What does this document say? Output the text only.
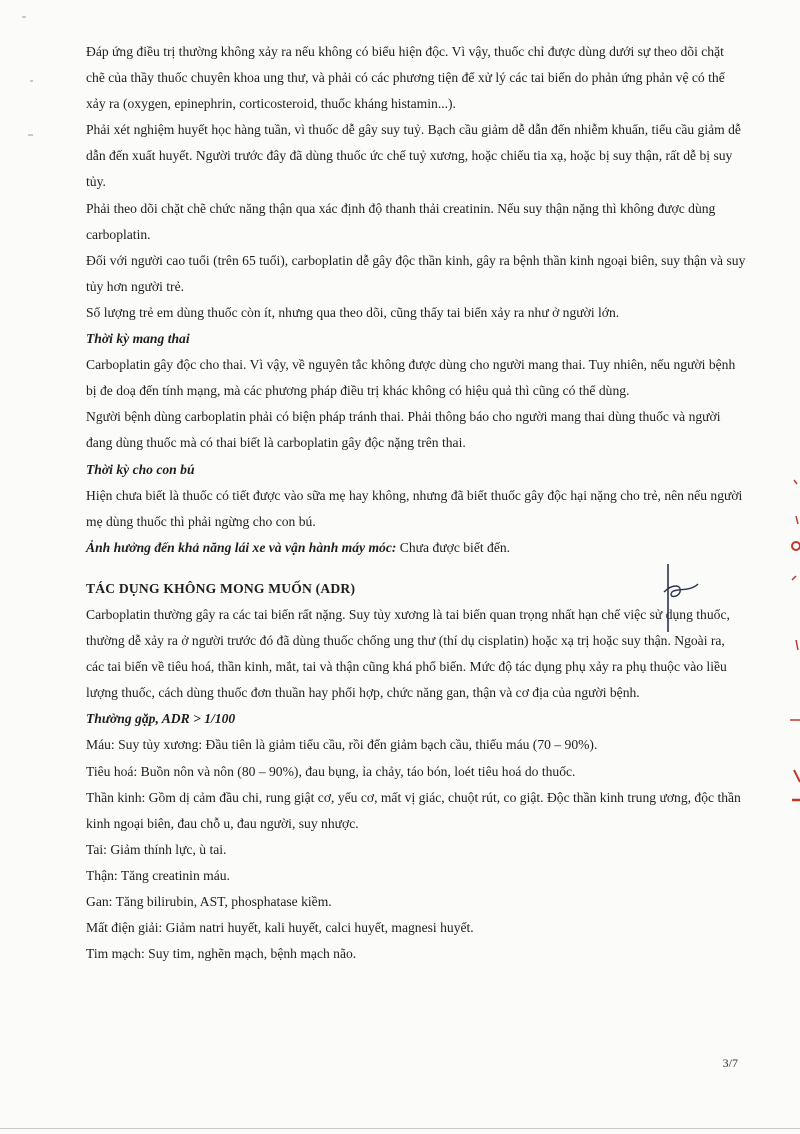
Đáp ứng điều trị thường không xảy ra nếu không có biểu hiện độc. Vì vậy, thuốc chỉ được dùng dưới sự theo dõi chặt chẽ của thầy thuốc chuyên khoa ung thư, và phải có các phương tiện để xử lý các tai biến do phản ứng phản vệ có thể xảy ra (oxygen, epinephrin, corticosteroid, thuốc kháng histamin...).

Phải xét nghiệm huyết học hàng tuần, vì thuốc dễ gây suy tuỷ. Bạch cầu giảm dễ dẫn đến nhiễm khuẩn, tiểu cầu giảm dễ dẫn đến xuất huyết. Người trước đây đã dùng thuốc ức chế tuỷ xương, hoặc chiếu tia xạ, hoặc bị suy thận, rất dễ bị suy tủy.

Phải theo dõi chặt chẽ chức năng thận qua xác định độ thanh thải creatinin. Nếu suy thận nặng thì không được dùng carboplatin.

Đối với người cao tuổi (trên 65 tuổi), carboplatin dễ gây độc thần kinh, gây ra bệnh thần kinh ngoại biên, suy thận và suy tủy hơn người trẻ.

Số lượng trẻ em dùng thuốc còn ít, nhưng qua theo dõi, cũng thấy tai biến xảy ra như ở người lớn.

Thời kỳ mang thai

Carboplatin gây độc cho thai. Vì vậy, về nguyên tắc không được dùng cho người mang thai. Tuy nhiên, nếu người bệnh bị đe doạ đến tính mạng, mà các phương pháp điều trị khác không có hiệu quả thì cũng có thể dùng.

Người bệnh dùng carboplatin phải có biện pháp tránh thai. Phải thông báo cho người mang thai dùng thuốc và người đang dùng thuốc mà có thai biết là carboplatin gây độc nặng trên thai.

Thời kỳ cho con bú

Hiện chưa biết là thuốc có tiết được vào sữa mẹ hay không, nhưng đã biết thuốc gây độc hại nặng cho trẻ, nên nếu người mẹ dùng thuốc thì phải ngừng cho con bú.

Ảnh hưởng đến khả năng lái xe và vận hành máy móc: Chưa được biết đến.

TÁC DỤNG KHÔNG MONG MUỐN (ADR)

Carboplatin thường gây ra các tai biến rất nặng. Suy tủy xương là tai biến quan trọng nhất hạn chế việc sử dụng thuốc, thường dễ xảy ra ở người trước đó đã dùng thuốc chống ung thư (thí dụ cisplatin) hoặc xạ trị hoặc suy thận. Ngoài ra, các tai biến về tiêu hoá, thần kinh, mắt, tai và thận cũng khá phổ biến. Mức độ tác dụng phụ xảy ra phụ thuộc vào liều lượng thuốc, cách dùng thuốc đơn thuần hay phối hợp, chức năng gan, thận và cơ địa của người bệnh.

Thường gặp, ADR > 1/100

Máu: Suy tủy xương: Đầu tiên là giảm tiểu cầu, rồi đến giảm bạch cầu, thiếu máu (70 – 90%).

Tiêu hoá: Buồn nôn và nôn (80 – 90%), đau bụng, ỉa chảy, táo bón, loét tiêu hoá do thuốc.

Thần kinh: Gồm dị cảm đầu chi, rung giật cơ, yếu cơ, mất vị giác, chuột rút, co giật. Độc thần kinh trung ương, độc thần kinh ngoại biên, đau chỗ u, đau người, suy nhược.

Tai: Giảm thính lực, ù tai.

Thận: Tăng creatinin máu.

Gan: Tăng bilirubin, AST, phosphatase kiềm.

Mất điện giải: Giảm natri huyết, kali huyết, calci huyết, magnesi huyết.

Tim mạch: Suy tim, nghẽn mạch, bệnh mạch não.

3/7
